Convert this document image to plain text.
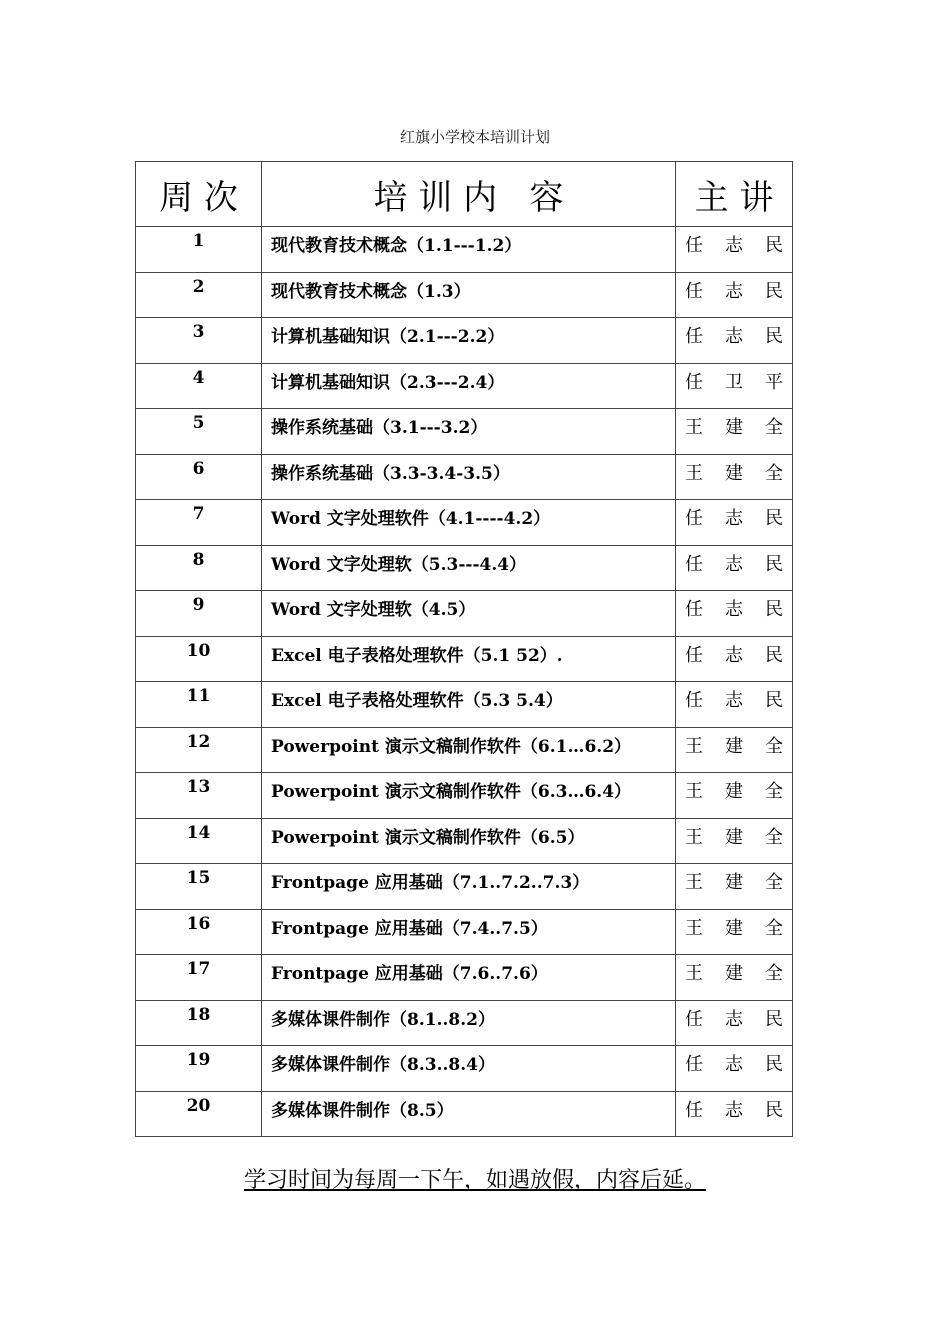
红旗小学校本培训计划
周 次	培 训 内   容	主 讲

1	现代教育技术概念（1.1---1.2）	任 志 民

2	现代教育技术概念（1.3）	任 志 民

3	计算机基础知识（2.1---2.2）	任 志 民

4	计算机基础知识（2.3---2.4）	任 卫 平

5	操作系统基础（3.1---3.2）	王 建 全

6	操作系统基础（3.3-3.4-3.5）	王 建 全

7	Word 文字处理软件（4.1----4.2）	任 志 民

8	Word 文字处理软（5.3---4.4）	任 志 民

9	Word 文字处理软（4.5）	任 志 民

10	Excel 电子表格处理软件（5.1 52）.	任 志 民

11	Excel 电子表格处理软件（5.3 5.4）	任 志 民

12	Powerpoint 演示文稿制作软件（6.1…6.2）	王 建 全

13	Powerpoint 演示文稿制作软件（6.3…6.4）	王 建 全

14	Powerpoint 演示文稿制作软件（6.5）	王 建 全

15	Frontpage 应用基础（7.1..7.2..7.3）	王 建 全

16	Frontpage 应用基础（7.4..7.5）	王 建 全

17	Frontpage 应用基础（7.6..7.6）	王 建 全

18	多媒体课件制作（8.1..8.2）	任 志 民

19	多媒体课件制作（8.3..8.4）	任 志 民

20	多媒体课件制作（8.5）	任 志 民
学习时间为每周一下午，如遇放假，内容后延。
